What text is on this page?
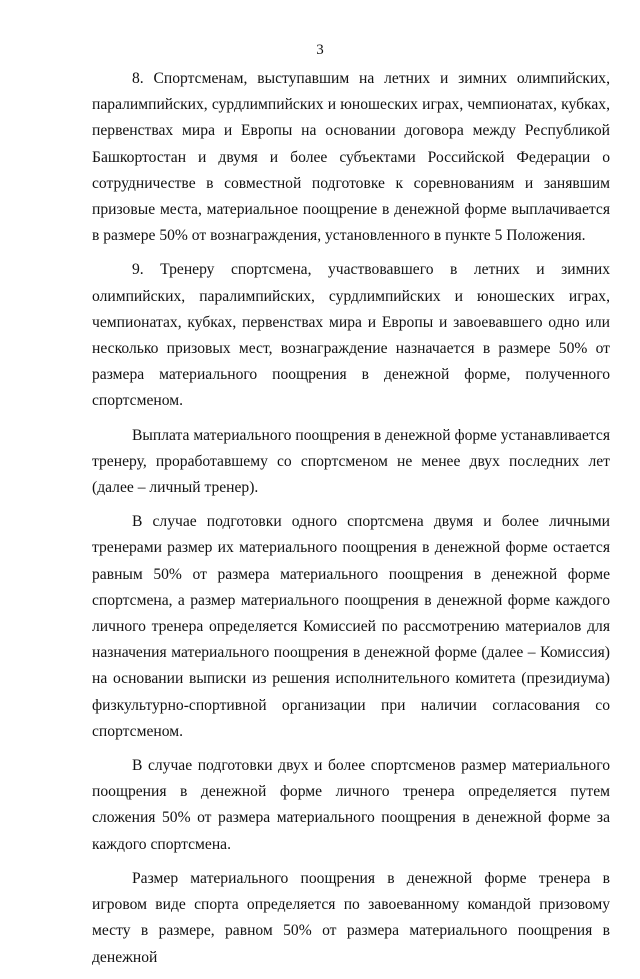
3

8. Спортсменам, выступавшим на летних и зимних олимпийских, паралимпийских, сурдлимпийских и юношеских играх, чемпионатах, кубках, первенствах мира и Европы на основании договора между Республикой Башкортостан и двумя и более субъектами Российской Федерации о сотрудничестве в совместной подготовке к соревнованиям и занявшим призовые места, материальное поощрение в денежной форме выплачивается в размере 50% от вознаграждения, установленного в пункте 5 Положения.

9. Тренеру спортсмена, участвовавшего в летних и зимних олимпийских, паралимпийских, сурдлимпийских и юношеских играх, чемпионатах, кубках, первенствах мира и Европы и завоевавшего одно или несколько призовых мест, вознаграждение назначается в размере 50% от размера материального поощрения в денежной форме, полученного спортсменом.

Выплата материального поощрения в денежной форме устанавливается тренеру, проработавшему со спортсменом не менее двух последних лет (далее – личный тренер).

В случае подготовки одного спортсмена двумя и более личными тренерами размер их материального поощрения в денежной форме остается равным 50% от размера материального поощрения в денежной форме спортсмена, а размер материального поощрения в денежной форме каждого личного тренера определяется Комиссией по рассмотрению материалов для назначения материального поощрения в денежной форме (далее – Комиссия) на основании выписки из решения исполнительного комитета (президиума) физкультурно-спортивной организации при наличии согласования со спортсменом.

В случае подготовки двух и более спортсменов размер материального поощрения в денежной форме личного тренера определяется путем сложения 50% от размера материального поощрения в денежной форме за каждого спортсмена.

Размер материального поощрения в денежной форме тренера в игровом виде спорта определяется по завоеванному командой призовому месту в размере, равном 50% от размера материального поощрения в денежной
